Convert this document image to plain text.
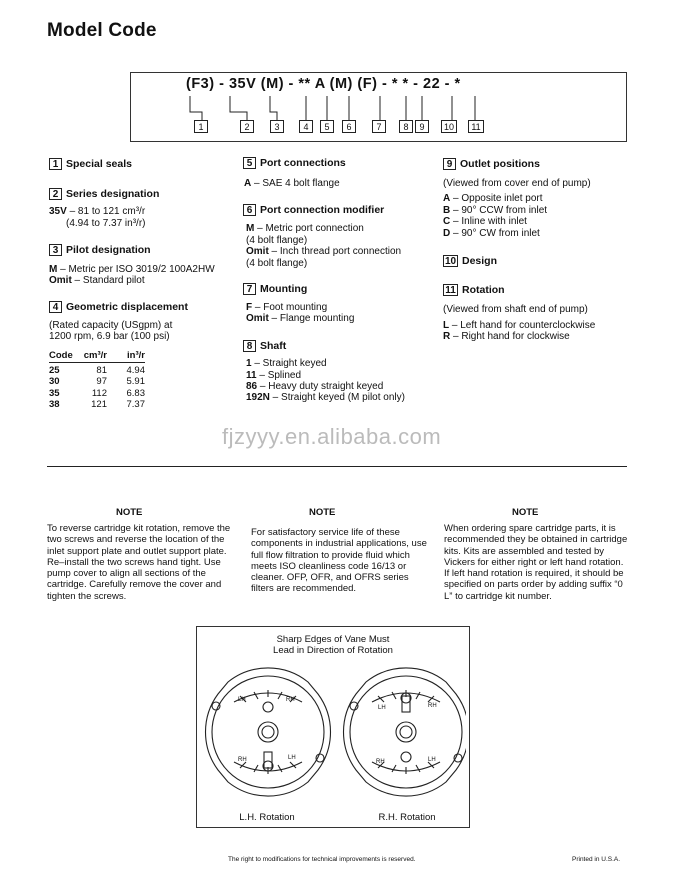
Model Code
(F3) - 35V (M) - ** A (M) (F) - * * - 22 - *
1	2	3	4	5	6	7	8	9	10	11
1 Special seals
2 Series designation
35V – 81 to 121 cm³/r
(4.94 to 7.37 in³/r)
3 Pilot designation
M – Metric per ISO 3019/2 100A2HW
Omit – Standard pilot
4 Geometric displacement
(Rated capacity (USgpm) at
1200 rpm, 6.9 bar (100 psi)
Code	cm³/r	in³/r
25	81	4.94
30	97	5.91
35	112	6.83
38	121	7.37
5 Port connections
A – SAE 4 bolt flange
6 Port connection modifier
M – Metric port connection
(4 bolt flange)
Omit – Inch thread port connection
(4 bolt flange)
7 Mounting
F – Foot mounting
Omit – Flange mounting
8 Shaft
1 – Straight keyed
11 – Splined
86 – Heavy duty straight keyed
192N – Straight keyed (M pilot only)
9 Outlet positions
(Viewed from cover end of pump)
A – Opposite inlet port
B – 90° CCW from inlet
C – Inline with inlet
D – 90° CW from inlet
10 Design
11 Rotation
(Viewed from shaft end of pump)
L – Left hand for counterclockwise
R – Right hand for clockwise
fjzyyy.en.alibaba.com
NOTE
To reverse cartridge kit rotation, remove the two screws and reverse the location of the inlet support plate and outlet support plate. Re–install the two screws hand tight. Use pump cover to align all sections of the cartridge. Carefully remove the cover and tighten the screws.
NOTE
For satisfactory service life of these components in industrial applications, use full flow filtration to provide fluid which meets ISO cleanliness code 16/13 or cleaner. OFP, OFR, and OFRS series filters are recommended.
NOTE
When ordering spare cartridge parts, it is recommended they be obtained in cartridge kits. Kits are assembled and tested by Vickers for either right or left hand rotation. If left hand rotation is required, it should be specified on parts order by adding suffix “0 L” to cartridge kit number.
Sharp Edges of Vane Must
Lead in Direction of Rotation
LH	RH
RH	LH
LH	RH
RH	LH
L.H. Rotation	R.H. Rotation
The right to modifications for technical improvements is reserved.	Printed in U.S.A.
